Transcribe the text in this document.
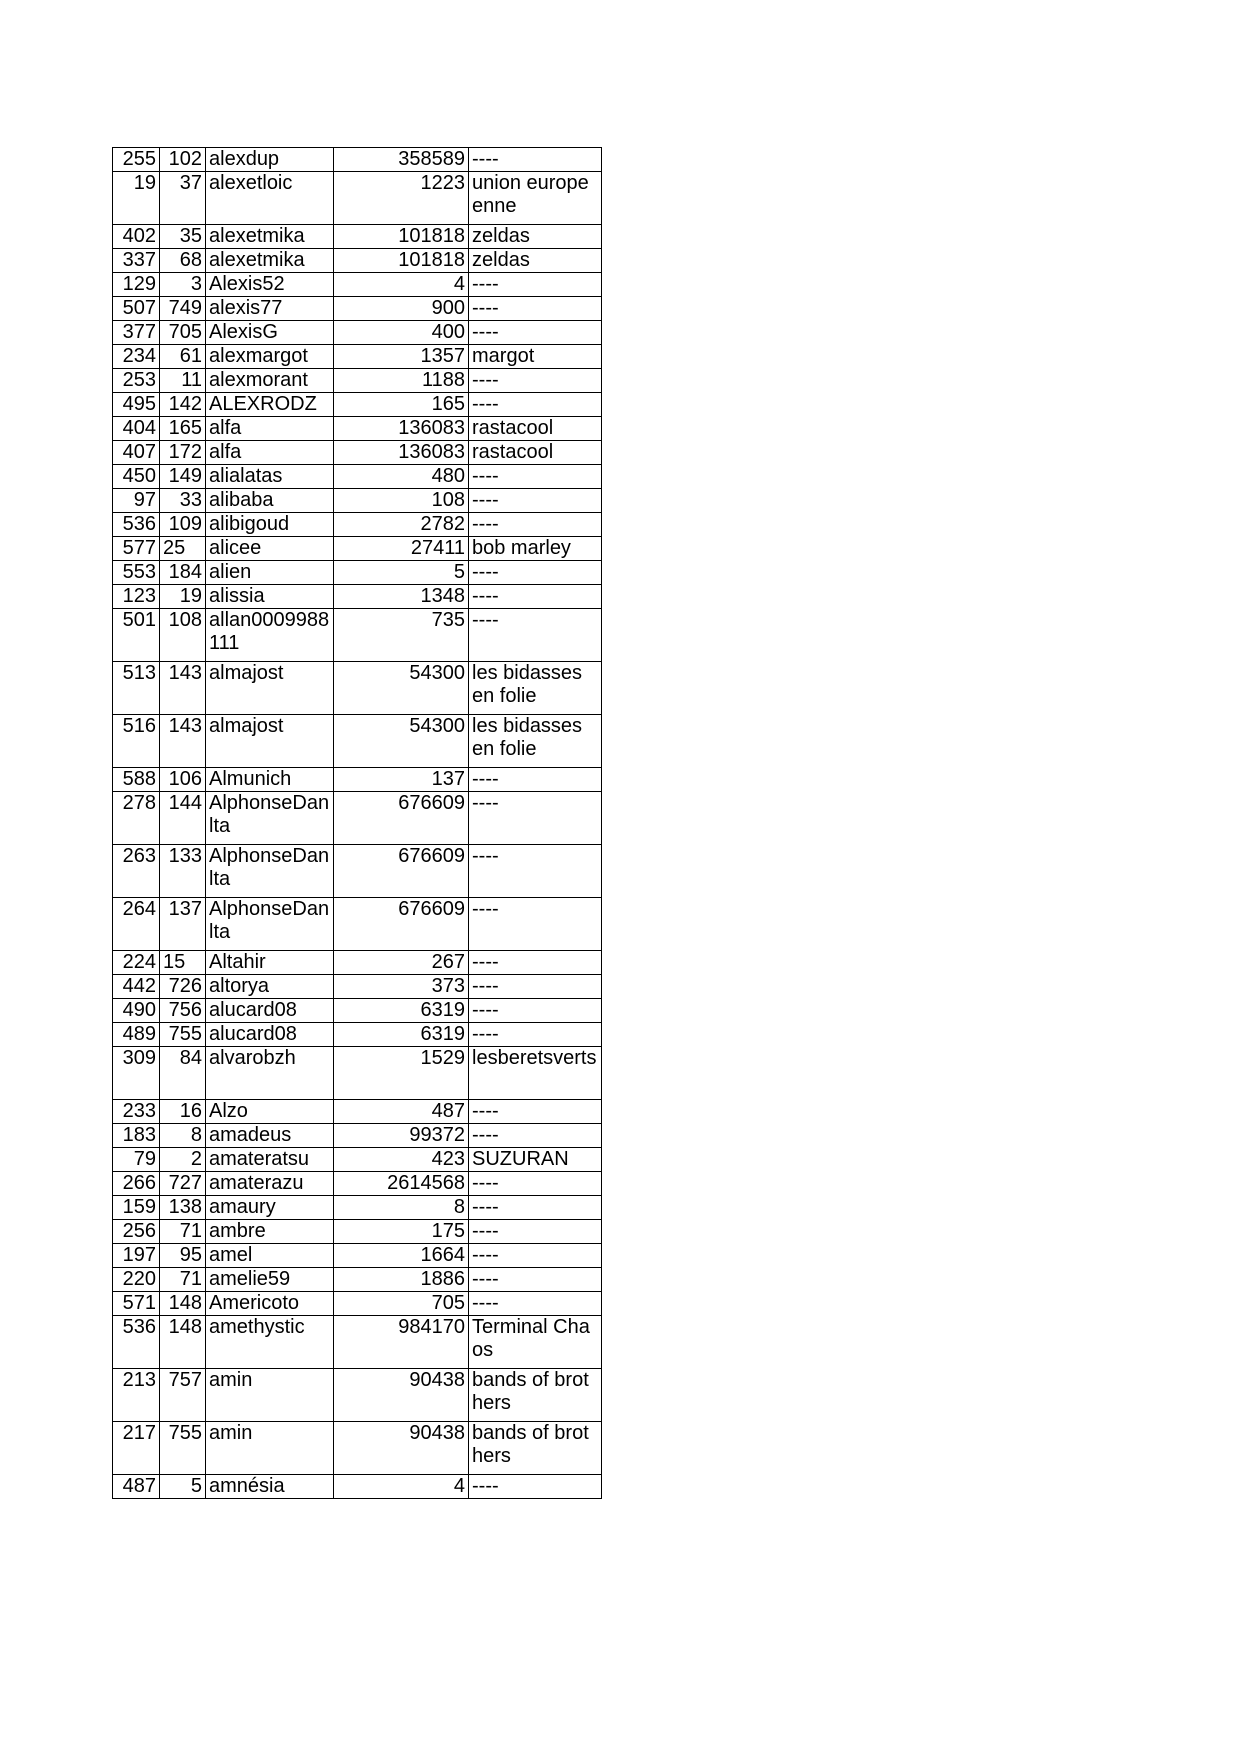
255	102	alexdup	358589	----
19	37	alexetloic	1223	union europeenne
402	35	alexetmika	101818	zeldas
337	68	alexetmika	101818	zeldas
129	3	Alexis52	4	----
507	749	alexis77	900	----
377	705	AlexisG	400	----
234	61	alexmargot	1357	margot
253	11	alexmorant	1188	----
495	142	ALEXRODZ	165	----
404	165	alfa	136083	rastacool
407	172	alfa	136083	rastacool
450	149	alialatas	480	----
97	33	alibaba	108	----
536	109	alibigoud	2782	----
577	25	alicee	27411	bob marley
553	184	alien	5	----
123	19	alissia	1348	----
501	108	allan0009988111	735	----
513	143	almajost	54300	les bidasses en folie
516	143	almajost	54300	les bidasses en folie
588	106	Almunich	137	----
278	144	AlphonseDanlta	676609	----
263	133	AlphonseDanlta	676609	----
264	137	AlphonseDanlta	676609	----
224	15	Altahir	267	----
442	726	altorya	373	----
490	756	alucard08	6319	----
489	755	alucard08	6319	----
309	84	alvarobzh	1529	lesberetsverts
233	16	Alzo	487	----
183	8	amadeus	99372	----
79	2	amateratsu	423	SUZURAN
266	727	amaterazu	2614568	----
159	138	amaury	8	----
256	71	ambre	175	----
197	95	amel	1664	----
220	71	amelie59	1886	----
571	148	Americoto	705	----
536	148	amethystic	984170	Terminal Chaos
213	757	amin	90438	bands of brothers
217	755	amin	90438	bands of brothers
487	5	amnésia	4	----
